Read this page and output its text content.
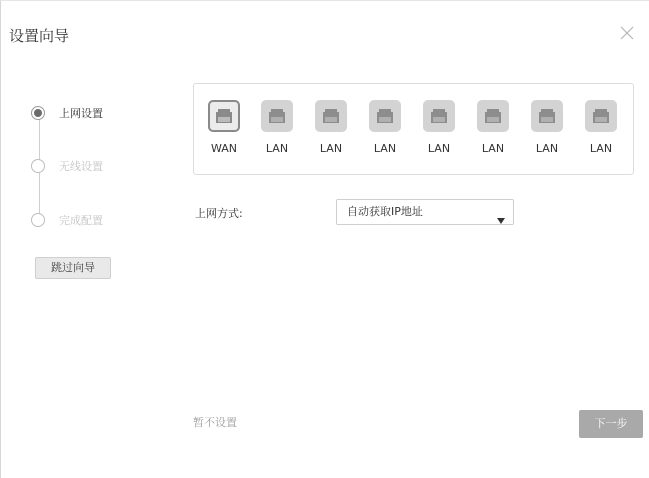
设置向导
上网设置
无线设置
完成配置
跳过向导
WAN	LAN	LAN	LAN	LAN	LAN	LAN	LAN
上网方式:	自动获取IP地址
暂不设置	下一步
